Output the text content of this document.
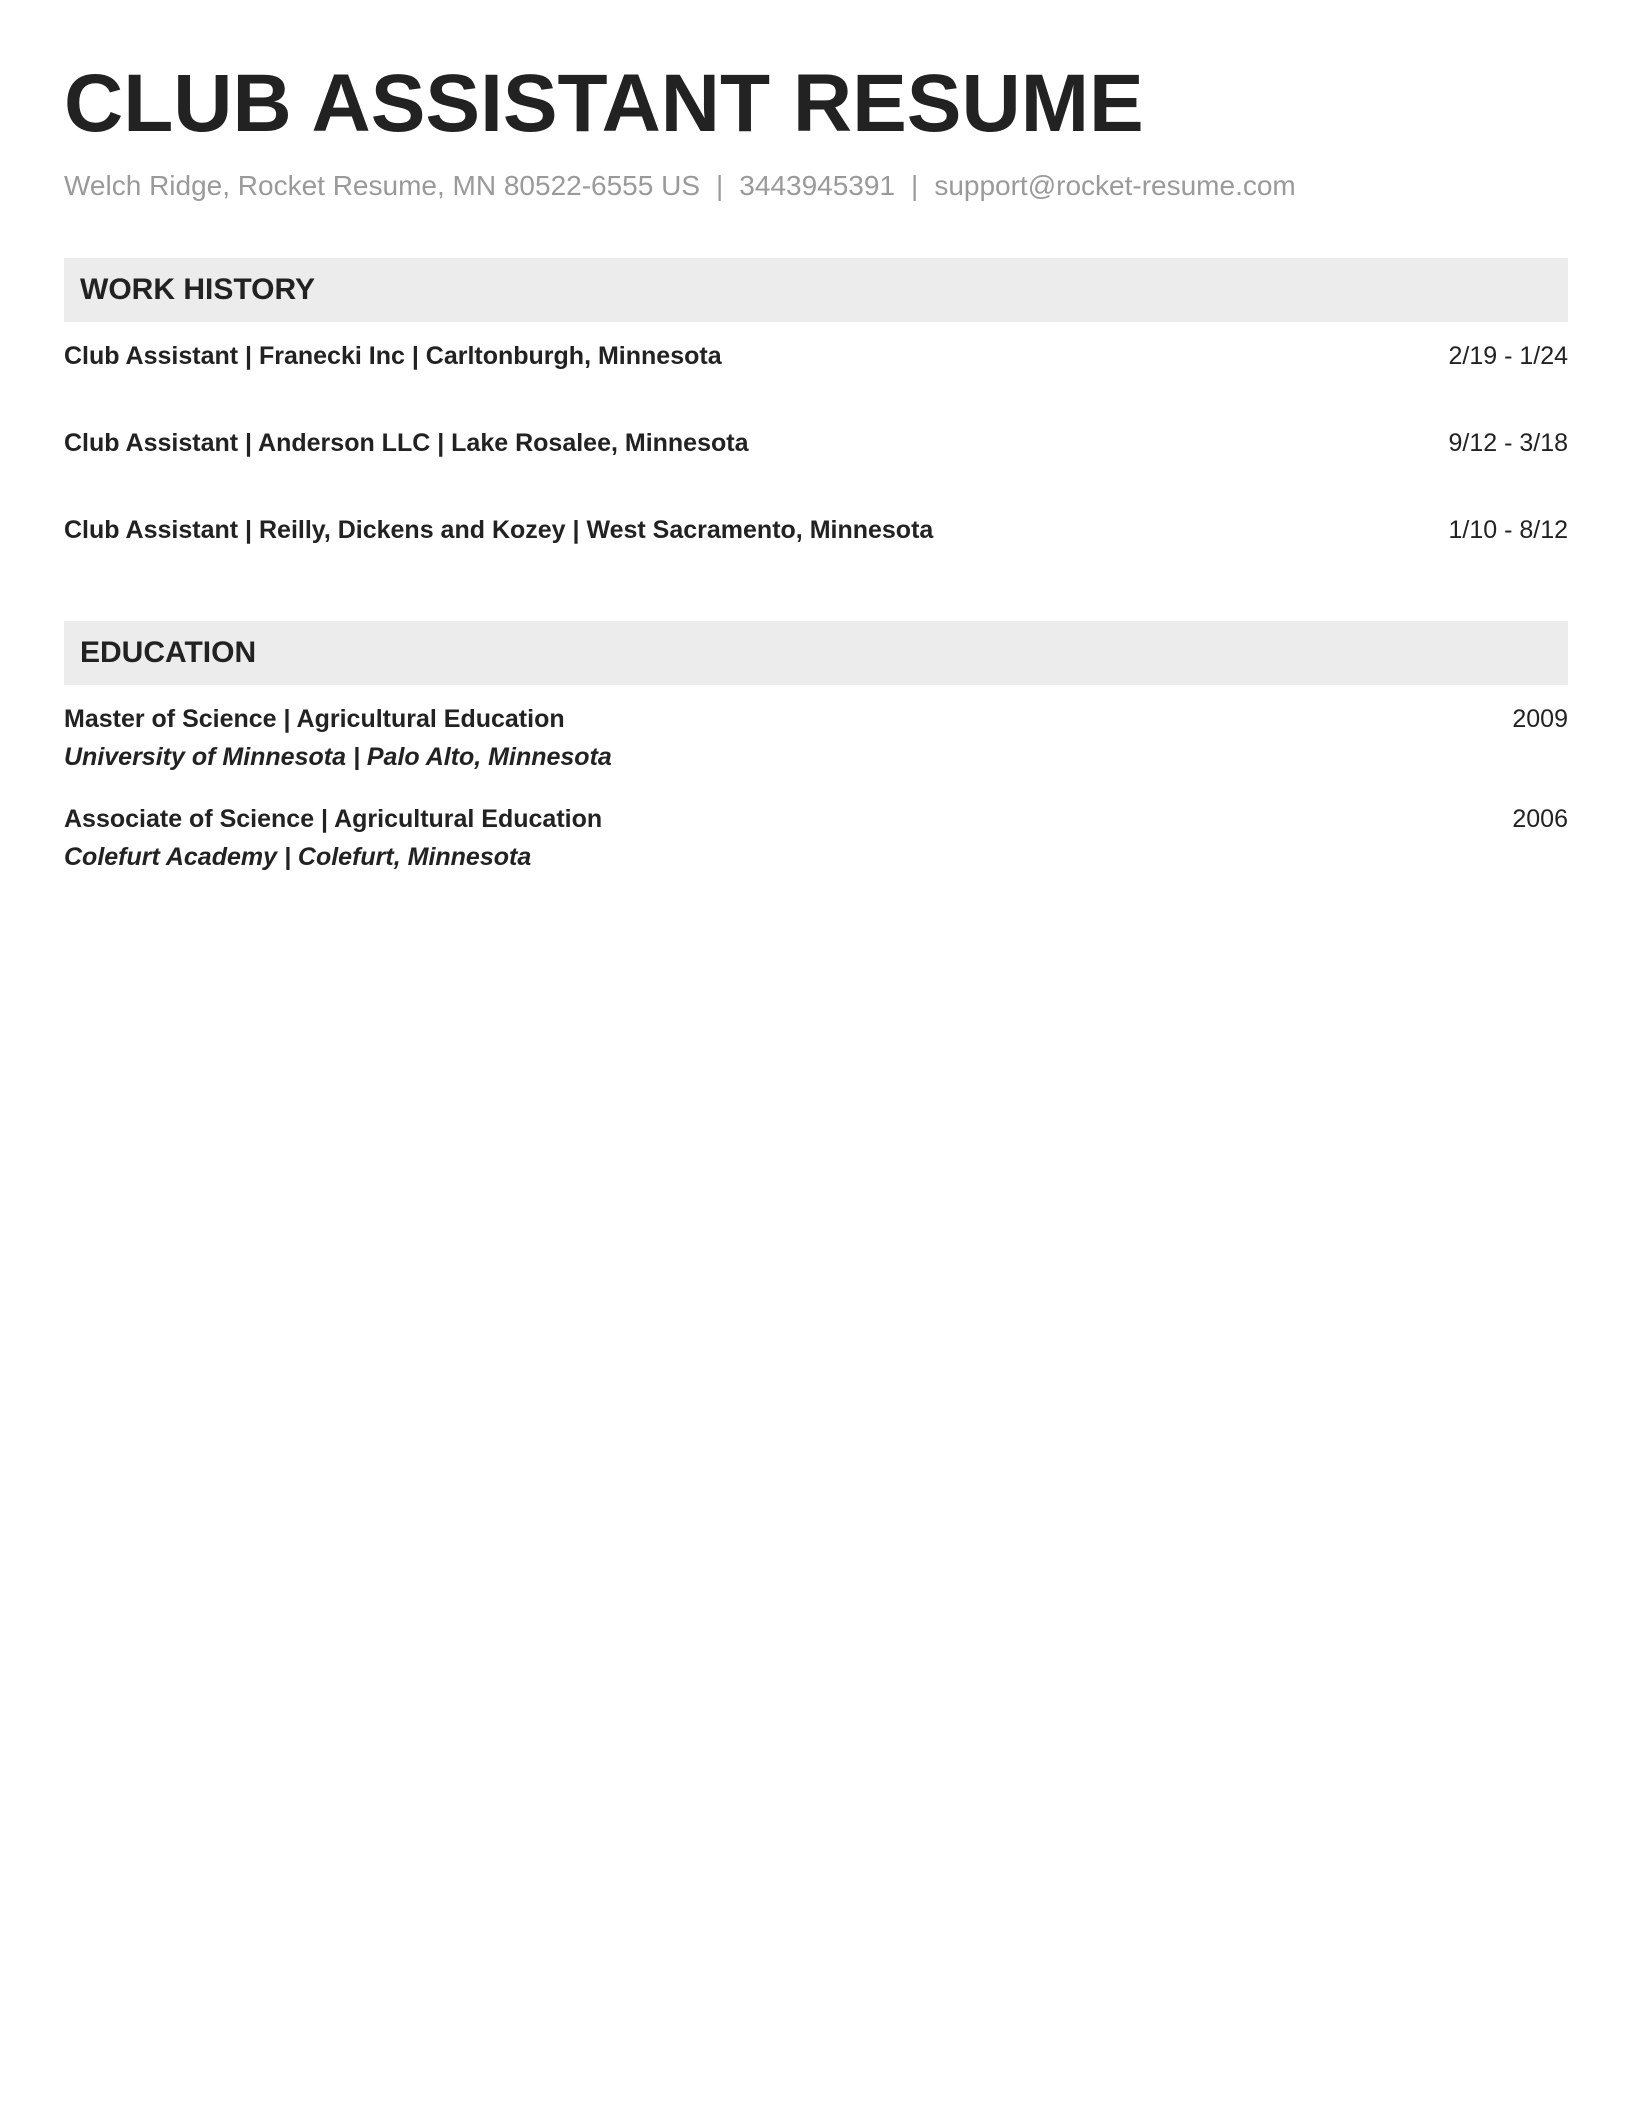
CLUB ASSISTANT RESUME
Welch Ridge, Rocket Resume, MN 80522-6555 US | 3443945391 | support@rocket-resume.com
WORK HISTORY
Club Assistant | Franecki Inc | Carltonburgh, Minnesota	2/19 - 1/24
Club Assistant | Anderson LLC | Lake Rosalee, Minnesota	9/12 - 3/18
Club Assistant | Reilly, Dickens and Kozey | West Sacramento, Minnesota	1/10 - 8/12
EDUCATION
Master of Science | Agricultural Education	2009
University of Minnesota | Palo Alto, Minnesota
Associate of Science | Agricultural Education	2006
Colefurt Academy | Colefurt, Minnesota
